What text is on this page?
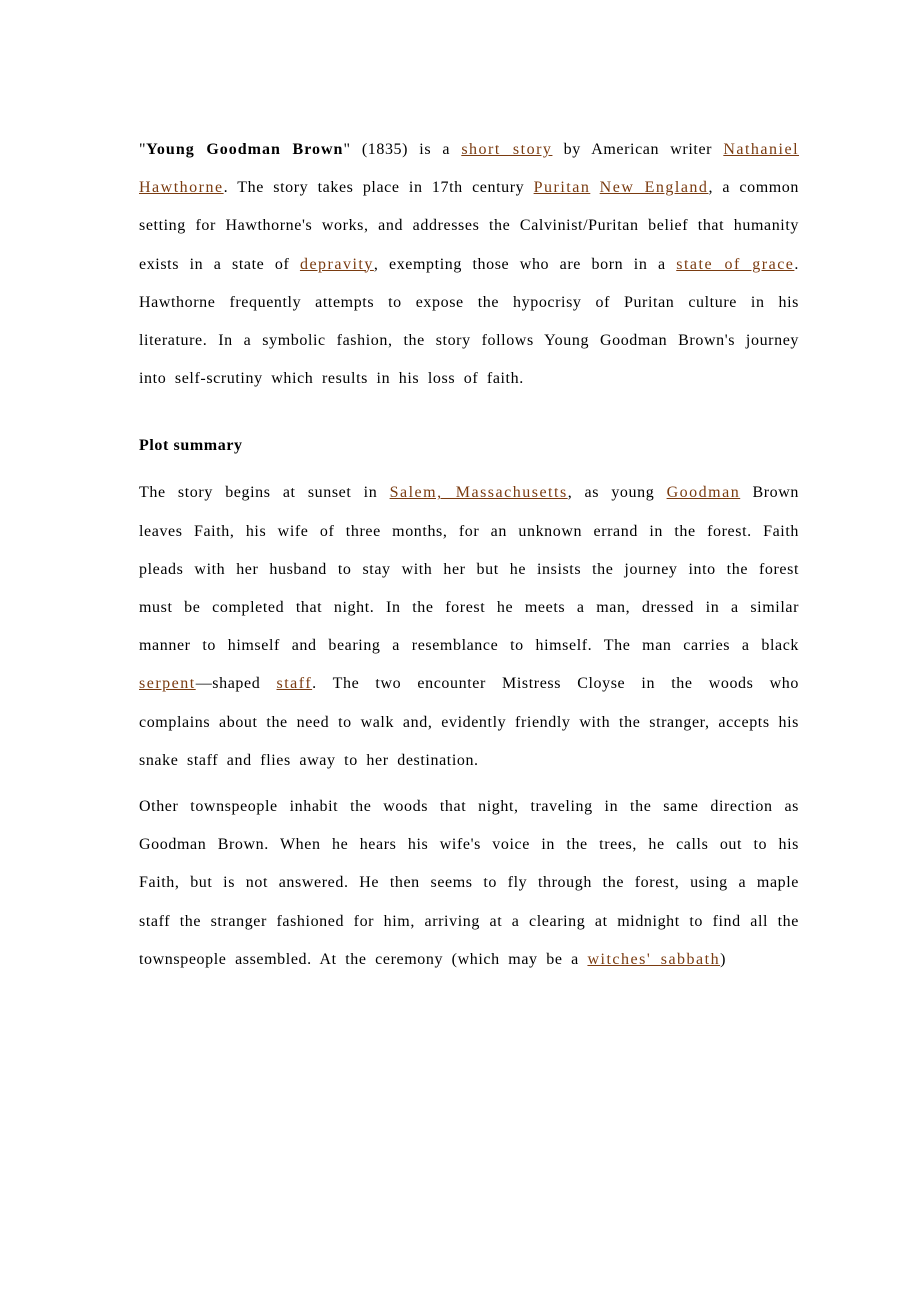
"Young Goodman Brown" (1835) is a short story by American writer Nathaniel Hawthorne. The story takes place in 17th century Puritan New England, a common setting for Hawthorne's works, and addresses the Calvinist/Puritan belief that humanity exists in a state of depravity, exempting those who are born in a state of grace. Hawthorne frequently attempts to expose the hypocrisy of Puritan culture in his literature. In a symbolic fashion, the story follows Young Goodman Brown's journey into self-scrutiny which results in his loss of faith.

Plot summary

The story begins at sunset in Salem, Massachusetts, as young Goodman Brown leaves Faith, his wife of three months, for an unknown errand in the forest. Faith pleads with her husband to stay with her but he insists the journey into the forest must be completed that night. In the forest he meets a man, dressed in a similar manner to himself and bearing a resemblance to himself. The man carries a black serpent—shaped staff. The two encounter Mistress Cloyse in the woods who complains about the need to walk and, evidently friendly with the stranger, accepts his snake staff and flies away to her destination.

Other townspeople inhabit the woods that night, traveling in the same direction as Goodman Brown. When he hears his wife's voice in the trees, he calls out to his Faith, but is not answered. He then seems to fly through the forest, using a maple staff the stranger fashioned for him, arriving at a clearing at midnight to find all the townspeople assembled. At the ceremony (which may be a witches' sabbath)
